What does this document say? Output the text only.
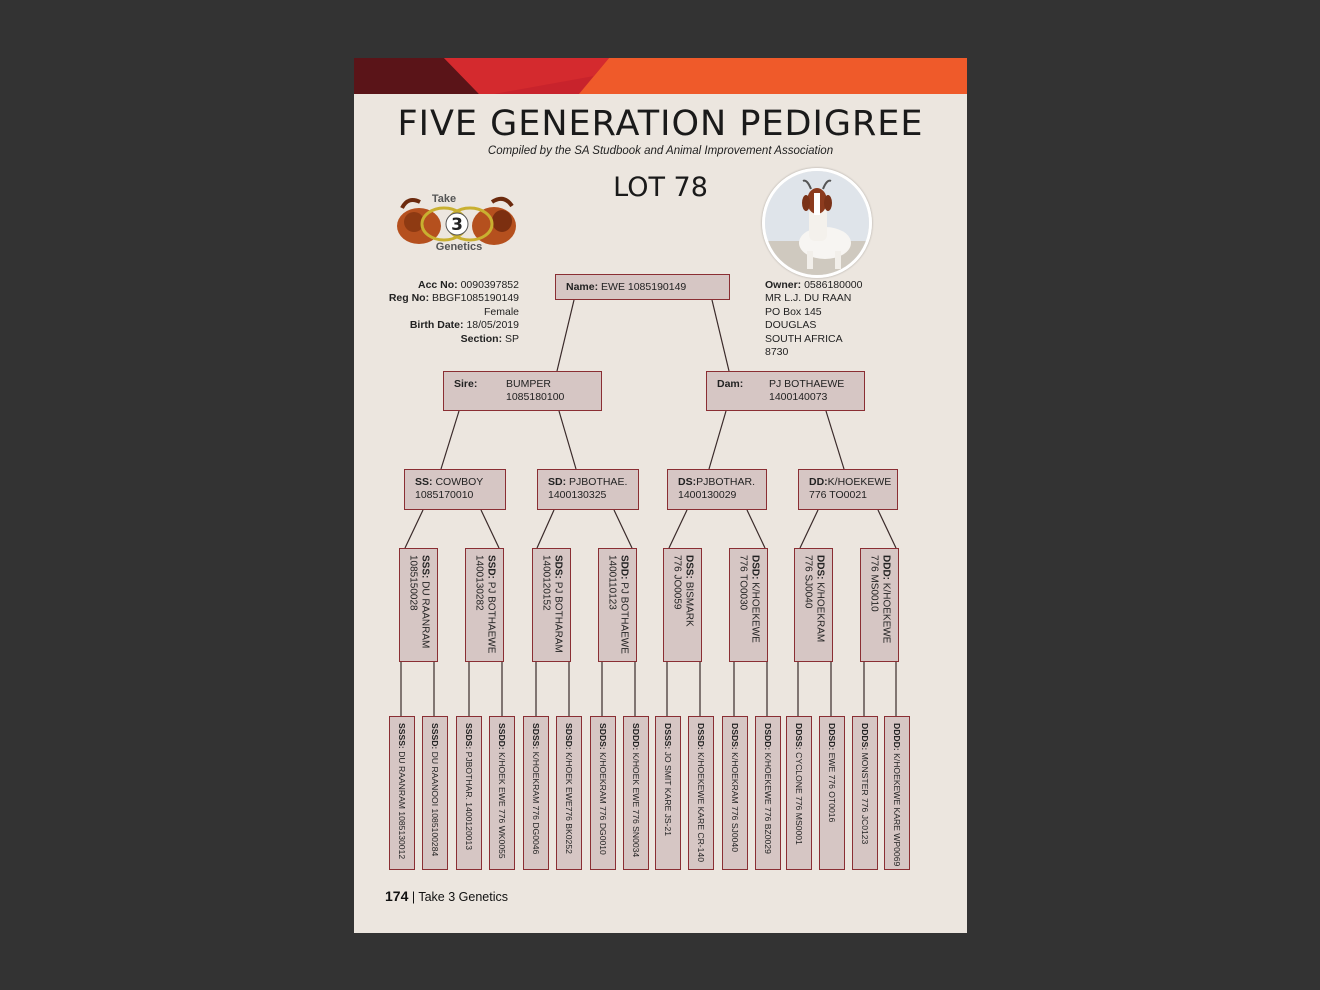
FIVE GENERATION PEDIGREE
Compiled by the SA Studbook and Animal Improvement Association
LOT 78
3
Take
Genetics
Acc No: 0090397852
Reg No: BBGF1085190149
Female
Birth Date: 18/05/2019
Section: SP
Owner: 0586180000
MR L.J. DU RAAN
PO Box 145
DOUGLAS
SOUTH AFRICA
8730
Name: EWE 1085190149
Sire:	BUMPER
1085180100
Dam: PJ BOTHAEWE
1400140073
SS: COWBOY
1085170010
SD: PJBOTHAE.
1400130325
DS:PJBOTHAR.
1400130029
DD:K/HOEKEWE
776 TO0021
SSS: DU RAANRAM
1085150028	SSD: PJ BOTHAEWE
1400130282	SDS: PJ BOTHARAM
1400120152	SDD: PJ BOTHAEWE
1400110123	DSS: BISMARK
776 JO0059	DSD: K/HOEKEWE
776 TO0030	DDS: K/HOEKRAM
776 SJ0040	DDD: K/HOEKEWE
776 MS0010
SSSS: DU RAANRAM 1085130012
SSSD: DU RAANOOI 1085100284
SSDS: PJBOTHAR. 1400120013
SSDD: K/HOEK EWE 776 WK0055
SDSS: K/HOEKRAM 776 DG0046
SDSD: K/HOEK EWE776 BK0252
SDDS: K/HOEKRAM 776 DG0010
SDDD: K/HOEK EWE 776 SN0034
DSSS: JO SMIT KARE JS-21
DSSD: K/HOEKEWE KARE CR-140
DSDS: K/HOEKRAM 776 SJ0040
DSDD: K/HOEKEWE 776 BZ0029
DDSS: CYCLONE 776 MS0001
DDSD: EWE 776 OT0016
DDDS: MONSTER 776 JC0123
DDDD: K/HOEKEWE KARE WP0069
174 | Take 3 Genetics
